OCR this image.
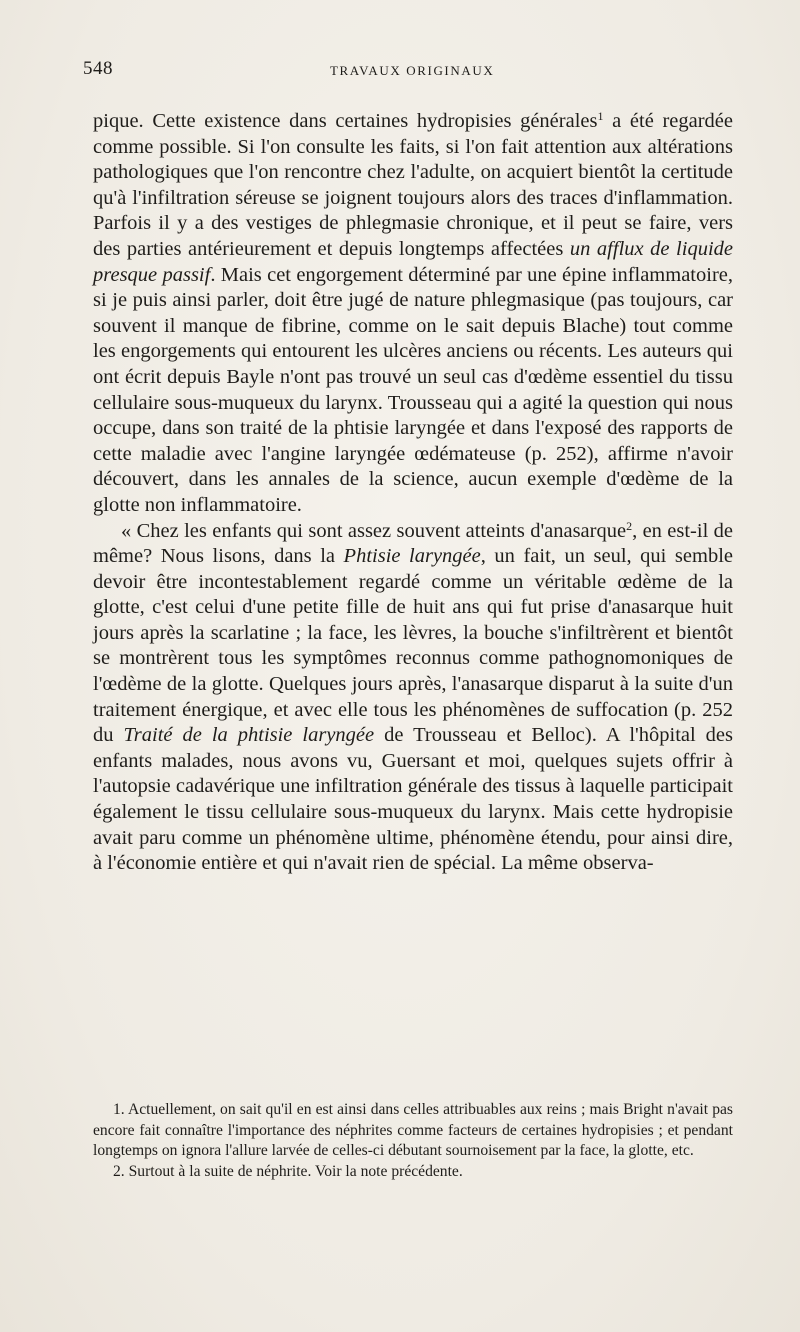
548	TRAVAUX ORIGINAUX

pique. Cette existence dans certaines hydropisies générales$^1$ a été regardée comme possible. Si l'on consulte les faits, si l'on fait attention aux altérations pathologiques que l'on rencontre chez l'adulte, on acquiert bientôt la certitude qu'à l'infiltration séreuse se joignent toujours alors des traces d'inflammation. Parfois il y a des vestiges de phlegmasie chronique, et il peut se faire, vers des parties antérieurement et depuis longtemps affectées un afflux de liquide presque passif. Mais cet engorgement déterminé par une épine inflammatoire, si je puis ainsi parler, doit être jugé de nature phlegmasique (pas toujours, car souvent il manque de fibrine, comme on le sait depuis Blache) tout comme les engorgements qui entourent les ulcères anciens ou récents. Les auteurs qui ont écrit depuis Bayle n'ont pas trouvé un seul cas d'œdème essentiel du tissu cellulaire sous-muqueux du larynx. Trousseau qui a agité la question qui nous occupe, dans son traité de la phtisie laryngée et dans l'exposé des rapports de cette maladie avec l'angine laryngée œdémateuse (p. 252), affirme n'avoir découvert, dans les annales de la science, aucun exemple d'œdème de la glotte non inflammatoire.

« Chez les enfants qui sont assez souvent atteints d'anasarque$^2$, en est-il de même? Nous lisons, dans la Phtisie laryngée, un fait, un seul, qui semble devoir être incontestablement regardé comme un véritable œdème de la glotte, c'est celui d'une petite fille de huit ans qui fut prise d'anasarque huit jours après la scarlatine ; la face, les lèvres, la bouche s'infiltrèrent et bientôt se montrèrent tous les symptômes reconnus comme pathognomoniques de l'œdème de la glotte. Quelques jours après, l'anasarque disparut à la suite d'un traitement énergique, et avec elle tous les phénomènes de suffocation (p. 252 du Traité de la phtisie laryngée de Trousseau et Belloc). A l'hôpital des enfants malades, nous avons vu, Guersant et moi, quelques sujets offrir à l'autopsie cadavérique une infiltration générale des tissus à laquelle participait également le tissu cellulaire sous-muqueux du larynx. Mais cette hydropisie avait paru comme un phénomène ultime, phénomène étendu, pour ainsi dire, à l'économie entière et qui n'avait rien de spécial. La même observa-

1. Actuellement, on sait qu'il en est ainsi dans celles attribuables aux reins ; mais Bright n'avait pas encore fait connaître l'importance des néphrites comme facteurs de certaines hydropisies ; et pendant longtemps on ignora l'allure larvée de celles-ci débutant sournoisement par la face, la glotte, etc.

2. Surtout à la suite de néphrite. Voir la note précédente.
